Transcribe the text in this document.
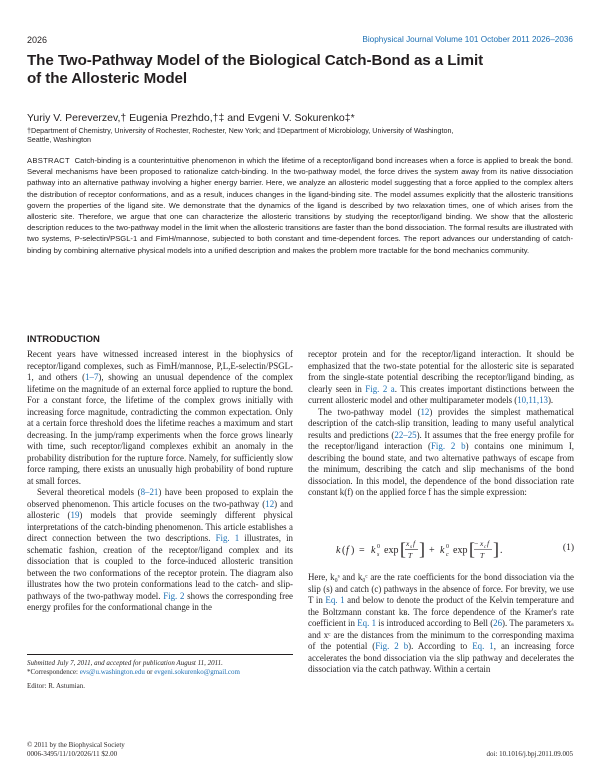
2026	Biophysical Journal Volume 101 October 2011 2026–2036
The Two-Pathway Model of the Biological Catch-Bond as a Limit
of the Allosteric Model
Yuriy V. Pereverzev,† Eugenia Prezhdo,†‡ and Evgeni V. Sokurenko‡*
†Department of Chemistry, University of Rochester, Rochester, New York; and ‡Department of Microbiology, University of Washington,
Seattle, Washington
ABSTRACT Catch-binding is a counterintuitive phenomenon in which the lifetime of a receptor/ligand bond increases when a force is applied to break the bond. Several mechanisms have been proposed to rationalize catch-binding. In the two-pathway model, the force drives the system away from its native dissociation pathway into an alternative pathway involving a higher energy barrier. Here, we analyze an allosteric model suggesting that a force applied to the complex alters the distribution of receptor conformations, and as a result, induces changes in the ligand-binding site. The model assumes explicitly that the allosteric transitions govern the properties of the ligand site. We demonstrate that the dynamics of the ligand is described by two relaxation times, one of which arises from the allosteric site. Therefore, we argue that one can characterize the allosteric transitions by studying the receptor/ligand binding. We show that the allosteric description reduces to the two-pathway model in the limit when the allosteric transitions are faster than the bond dissociation. The formal results are illustrated with two systems, P-selectin/PSGL-1 and FimH/mannose, subjected to both constant and time-dependent forces. The report advances our understanding of catch-binding by combining alternative physical models into a unified description and makes the problem more tractable for the bond mechanics community.
INTRODUCTION

Recent years have witnessed increased interest in the biophysics of receptor/ligand complexes, such as FimH/mannose, P,L,E-selectin/PSGL-1, and others (1–7), showing an unusual dependence of the complex lifetime on the magnitude of an external force applied to rupture the bond. For a constant force, the lifetime of the complex grows initially with increasing force magnitude, contradicting the common expectation. Only at a certain force threshold does the lifetime reaches a maximum and start decreasing. In the jump/ramp experiments when the force grows linearly with time, such receptor/ligand complexes exhibit an anomaly in the probability distribution for the rupture force. Namely, for sufficiently slow force ramping, there exists an unusually high probability of bond rupture at small forces.

Several theoretical models (8–21) have been proposed to explain the observed phenomenon. This article focuses on the two-pathway (12) and allosteric (19) models that provide seemingly different physical interpretations of the catch-binding phenomenon. This article establishes a direct connection between the two descriptions. Fig. 1 illustrates, in schematic fashion, creation of the receptor/ligand complex and its dissociation that is coupled to the force-induced allosteric transition between the two conformations of the receptor protein. The diagram also illustrates how the two protein conformations lead to the catch- and slip-pathways of the two-pathway model. Fig. 2 shows the corresponding free energy profiles for the conformational change in the

receptor protein and for the receptor/ligand interaction. It should be emphasized that the two-state potential for the allosteric site is separated from the single-state potential describing the receptor/ligand binding, as clearly seen in Fig. 2 a. This creates important distinctions between the current allosteric model and other multiparameter models (10,11,13).

The two-pathway model (12) provides the simplest mathematical description of the catch-slip transition, leading to many useful analytical results and predictions (22–25). It assumes that the free energy profile for the receptor/ligand interaction (Fig. 2 b) contains one minimum I, describing the bound state, and two alternative pathways of escape from the minimum, describing the catch and slip mechanisms of the bond dissociation. In this model, the dependence of the bond dissociation rate constant k(f) on the applied force f has the simple expression:

k ( f ) = k 0
s exp [ x s f
T ] + k 0
c exp [ − x c f
T ] .	(1)

Here, k₀ˢ and k₀ᶜ are the rate coefficients for the bond dissociation via the slip (s) and catch (c) pathways in the absence of force. For brevity, we use T in Eq. 1 and below to denote the product of the Kelvin temperature and the Boltzmann constant kʙ. The force dependence of the Kramer's rate coefficient in Eq. 1 is introduced according to Bell (26). The parameters xₛ and xᶜ are the distances from the minimum to the corresponding maxima of the potential (Fig. 2 b). According to Eq. 1, an increasing force accelerates the bond dissociation via the slip pathway and decelerates the dissociation via the catch pathway. Within a certain

Submitted July 7, 2011, and accepted for publication August 11, 2011.
*Correspondence: evs@u.washington.edu or evgeni.sokurenko@gmail.com
Editor: R. Astumian.
© 2011 by the Biophysical Society
0006-3495/11/10/2026/11 $2.00	doi: 10.1016/j.bpj.2011.09.005
